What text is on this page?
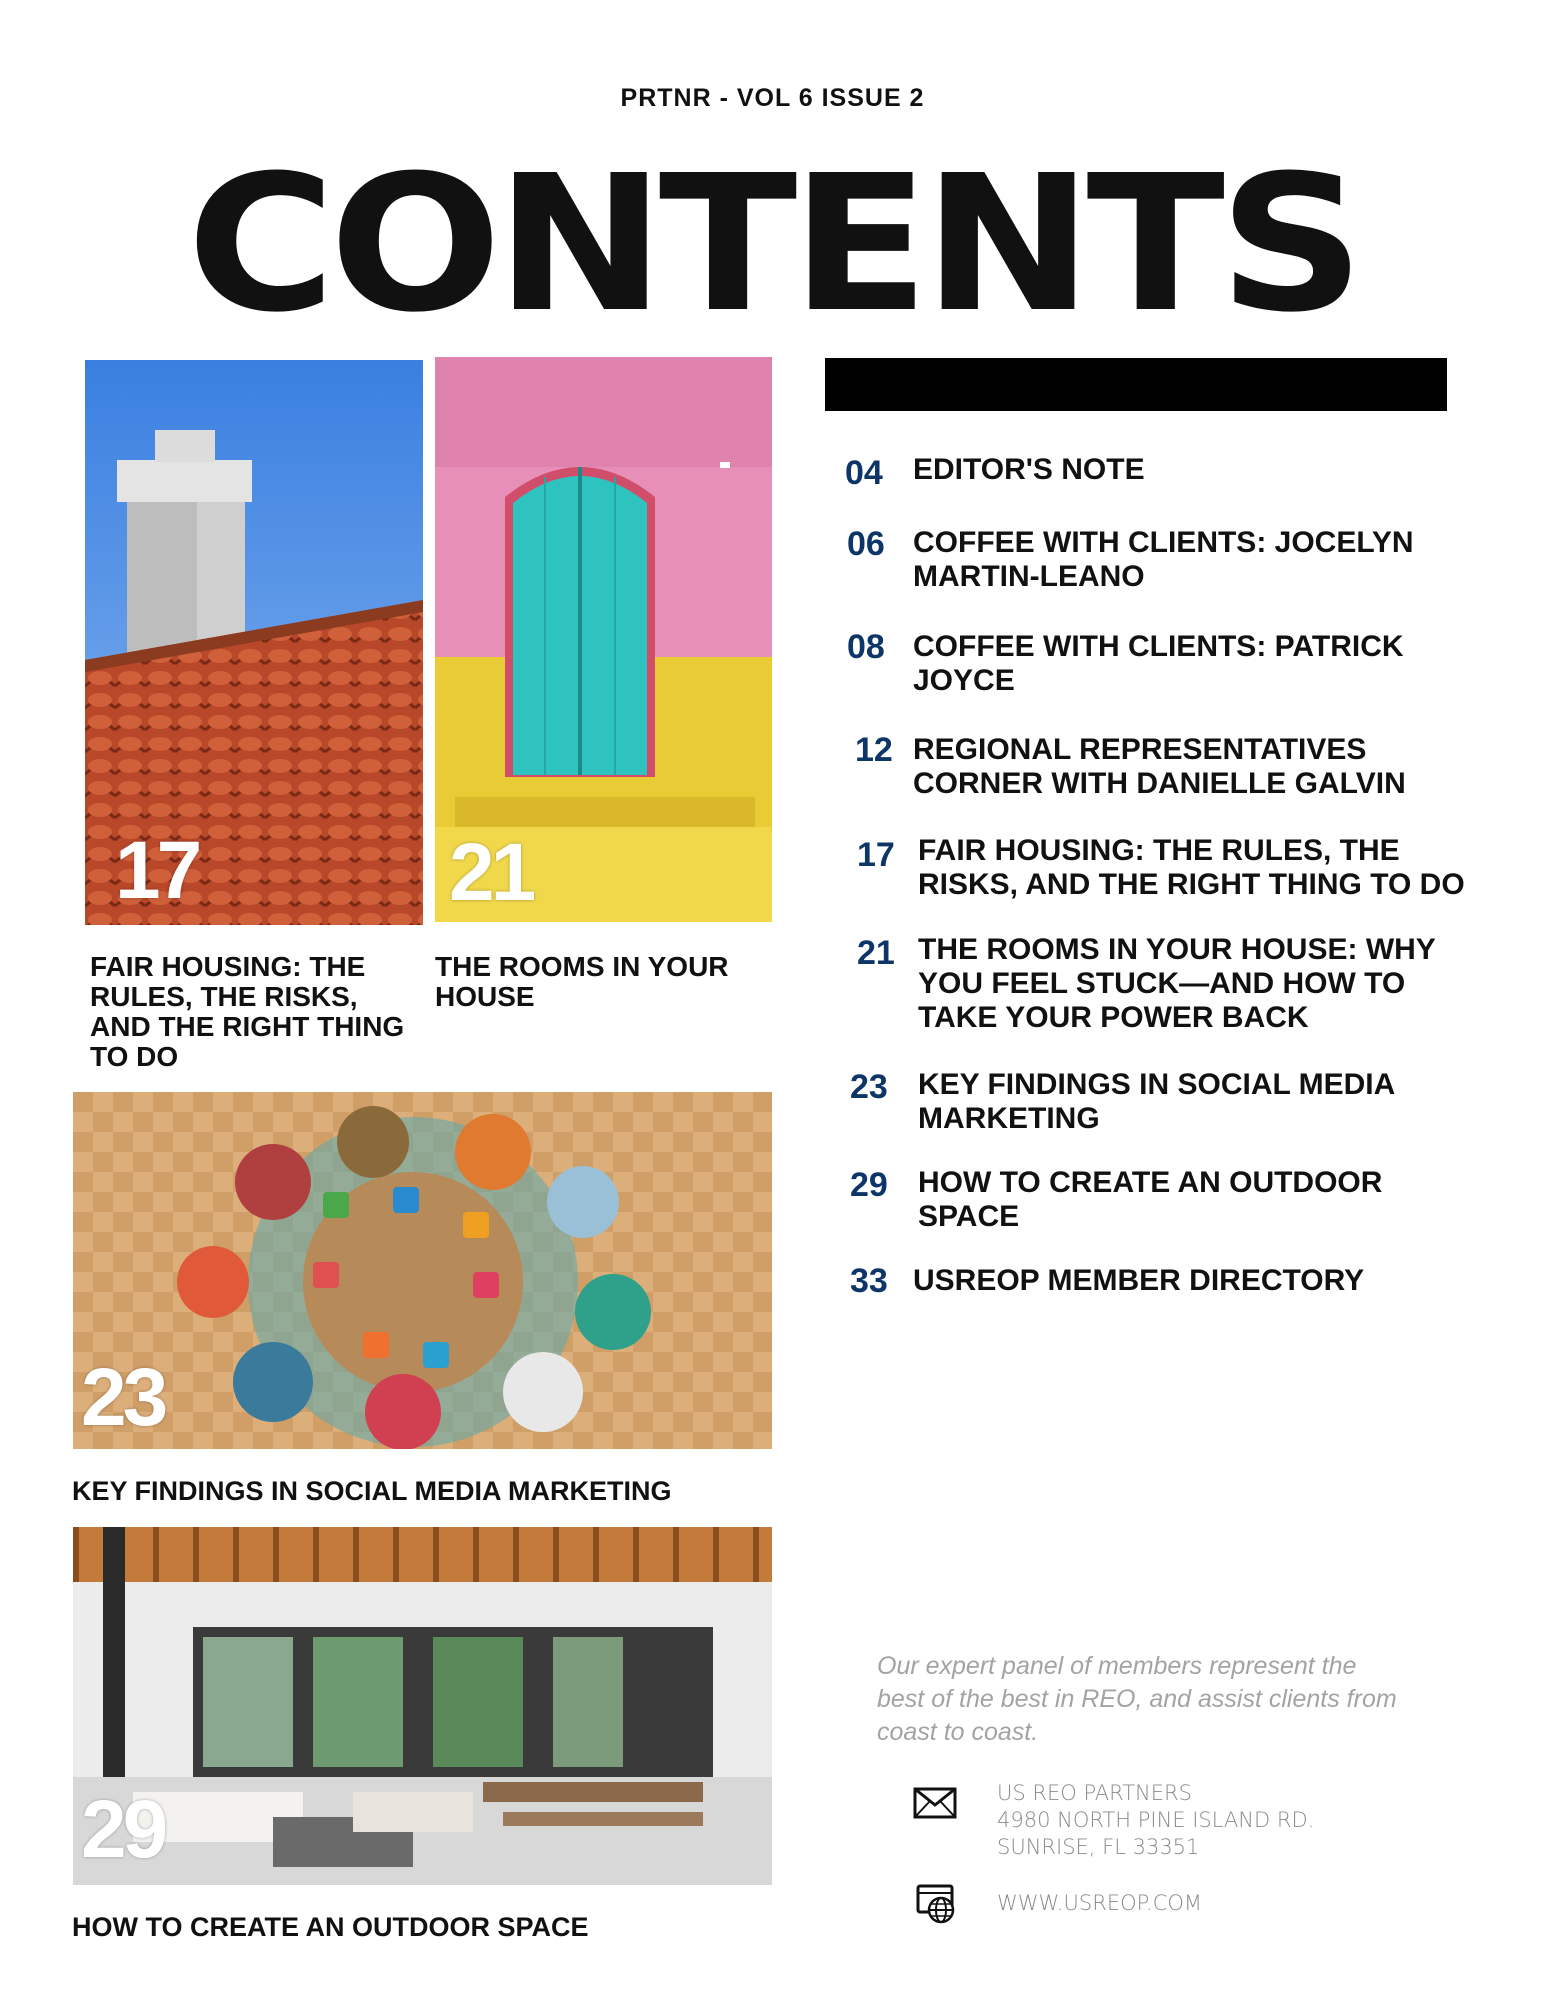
PRTNR - VOL 6 ISSUE 2
CONTENTS
17	21
FAIR HOUSING: THE RULES, THE RISKS, AND THE RIGHT THING TO DO
THE ROOMS IN YOUR HOUSE
23
KEY FINDINGS IN SOCIAL MEDIA MARKETING
29
HOW TO CREATE AN OUTDOOR SPACE
04 EDITOR'S NOTE
06 COFFEE WITH CLIENTS: JOCELYN MARTIN-LEANO
08 COFFEE WITH CLIENTS: PATRICK JOYCE
12 REGIONAL REPRESENTATIVES CORNER WITH DANIELLE GALVIN
17 FAIR HOUSING: THE RULES, THE RISKS, AND THE RIGHT THING TO DO
21 THE ROOMS IN YOUR HOUSE: WHY YOU FEEL STUCK—AND HOW TO TAKE YOUR POWER BACK
23 KEY FINDINGS IN SOCIAL MEDIA MARKETING
29 HOW TO CREATE AN OUTDOOR SPACE
33 USREOP MEMBER DIRECTORY
Our expert panel of members represent the best of the best in REO, and assist clients from coast to coast.
US REO PARTNERS
4980 NORTH PINE ISLAND RD.
SUNRISE, FL 33351
WWW.USREOP.COM
